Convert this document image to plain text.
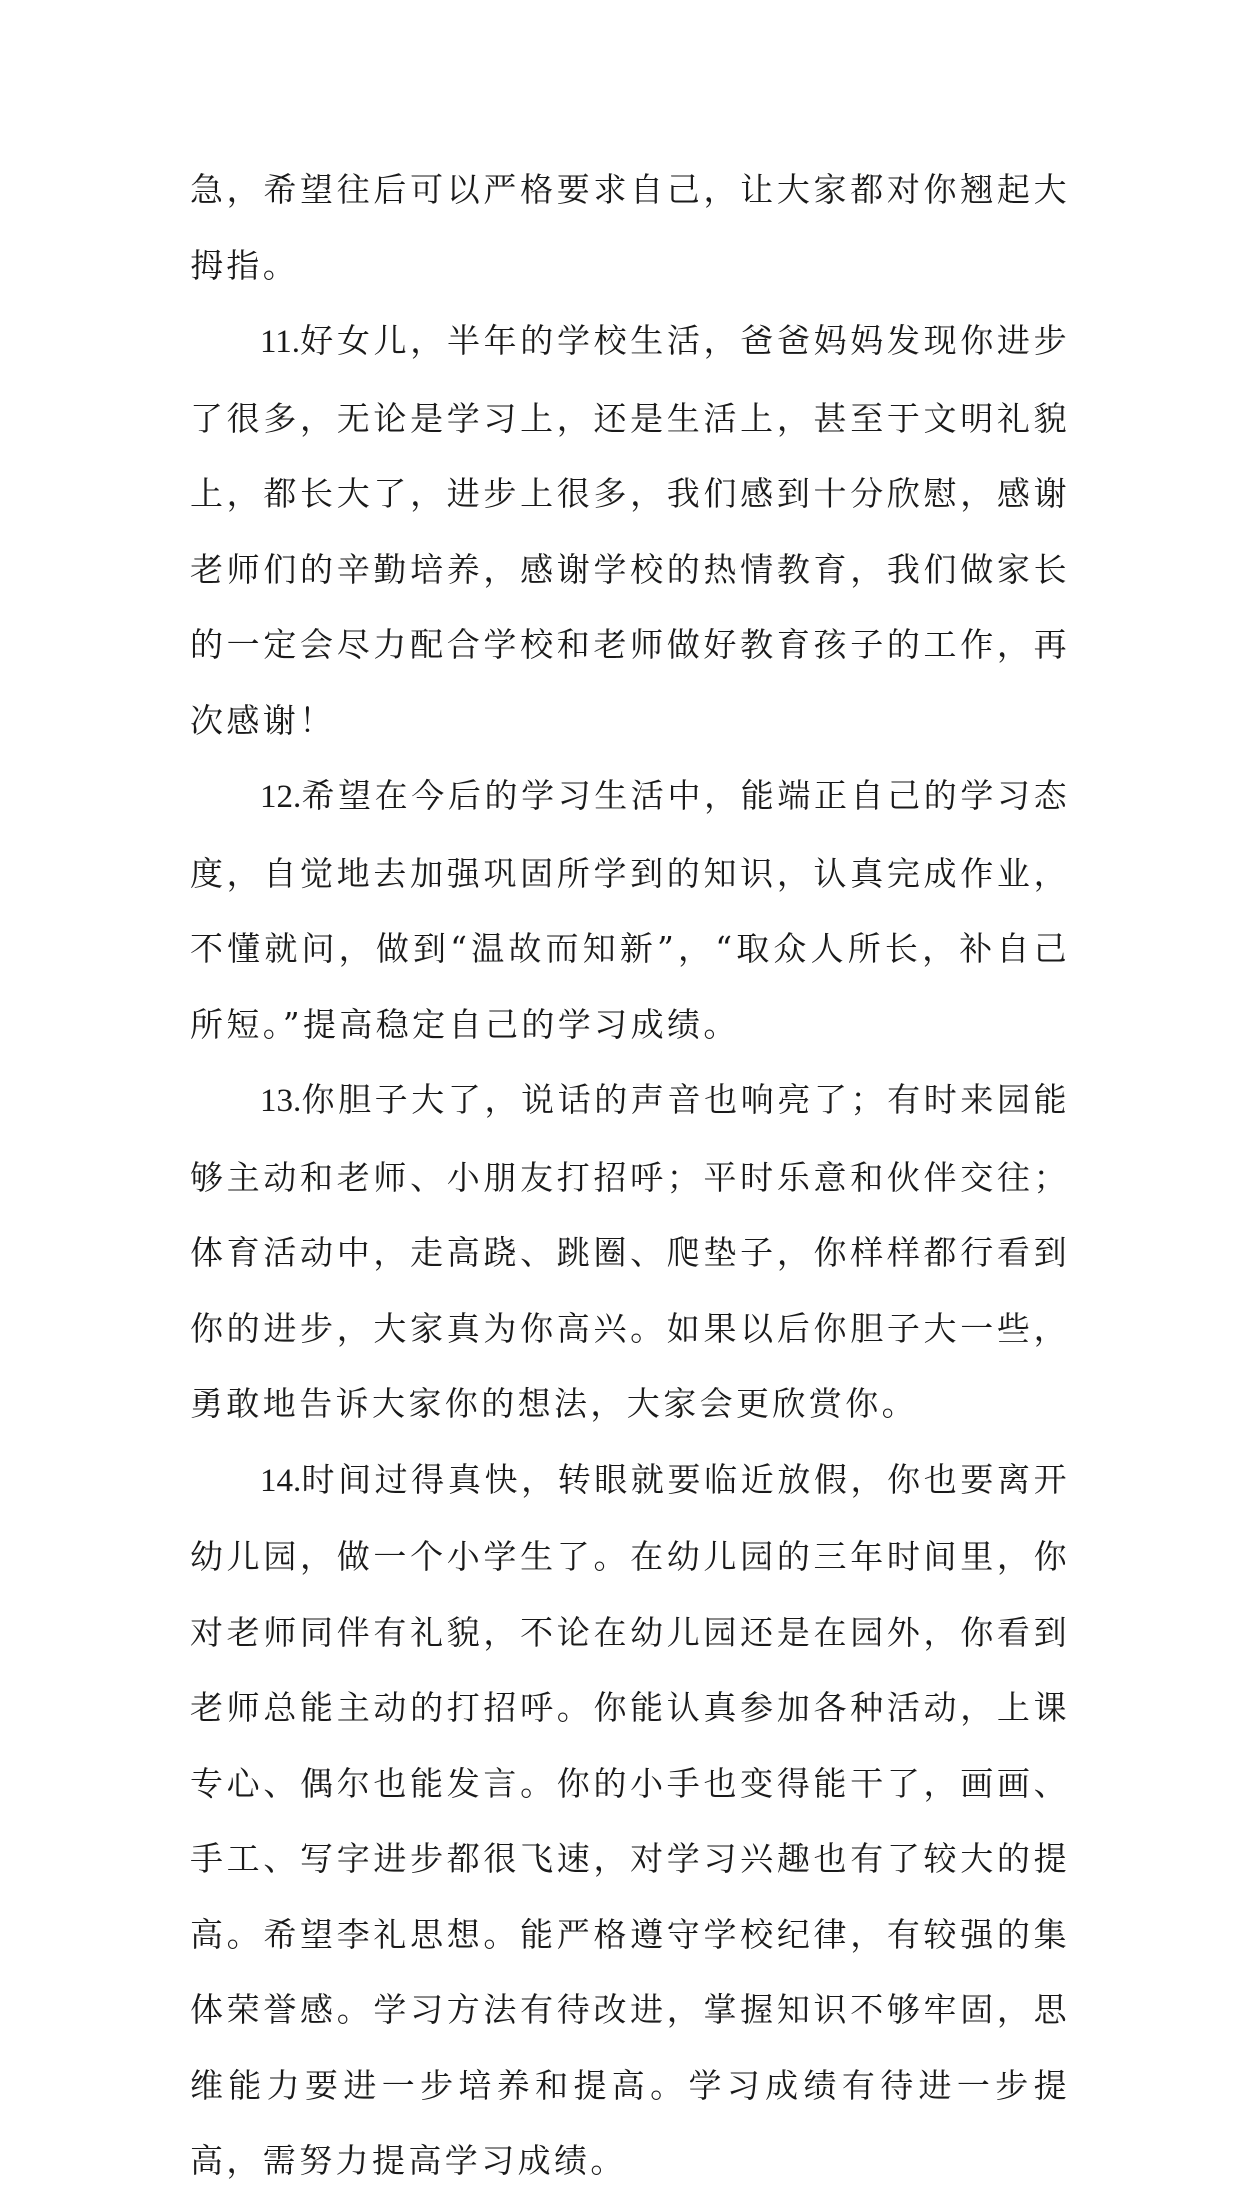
急，希望往后可以严格要求自己，让大家都对你翘起大拇指。

11.好女儿，半年的学校生活，爸爸妈妈发现你进步了很多，无论是学习上，还是生活上，甚至于文明礼貌上，都长大了，进步上很多，我们感到十分欣慰，感谢老师们的辛勤培养，感谢学校的热情教育，我们做家长的一定会尽力配合学校和老师做好教育孩子的工作，再次感谢！

12.希望在今后的学习生活中，能端正自己的学习态度，自觉地去加强巩固所学到的知识，认真完成作业，不懂就问，做到“温故而知新”，“取众人所长，补自己所短。”提高稳定自己的学习成绩。

13.你胆子大了，说话的声音也响亮了；有时来园能够主动和老师、小朋友打招呼；平时乐意和伙伴交往；体育活动中，走高跷、跳圈、爬垫子，你样样都行看到你的进步，大家真为你高兴。如果以后你胆子大一些，勇敢地告诉大家你的想法，大家会更欣赏你。

14.时间过得真快，转眼就要临近放假，你也要离开幼儿园，做一个小学生了。在幼儿园的三年时间里，你对老师同伴有礼貌，不论在幼儿园还是在园外，你看到老师总能主动的打招呼。你能认真参加各种活动，上课专心、偶尔也能发言。你的小手也变得能干了，画画、手工、写字进步都很飞速，对学习兴趣也有了较大的提高。希望李礼思想。能严格遵守学校纪律，有较强的集体荣誉感。学习方法有待改进，掌握知识不够牢固，思维能力要进一步培养和提高。学习成绩有待进一步提高，需努力提高学习成绩。
